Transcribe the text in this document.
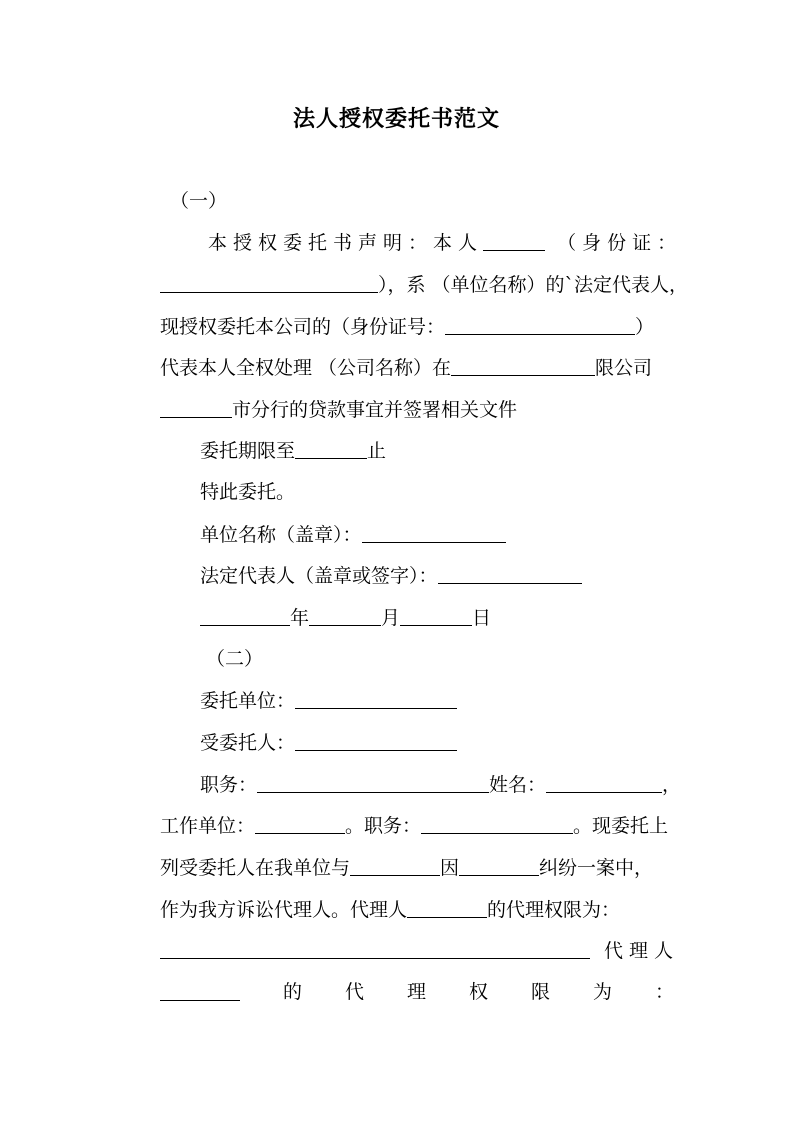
法人授权委托书范文
（一）
本授权委托书声明：本人	（身份证：
），系 （单位名称）的`法定代表人，
现授权委托本公司的（身份证号：	）
代表本人全权处理 （公司名称）在	限公司
市分行的贷款事宜并签署相关文件
委托期限至	止
特此委托。
单位名称（盖章）：
法定代表人（盖章或签字）：
年	月	日
（二）
委托单位：
受委托人：
职务：	姓名：	，
工作单位：	。职务：	。现委托上
列受委托人在我单位与	因	纠纷一案中，
作为我方诉讼代理人。代理人	的代理权限为：
代理人
的 代 理 权 限 为 ：
